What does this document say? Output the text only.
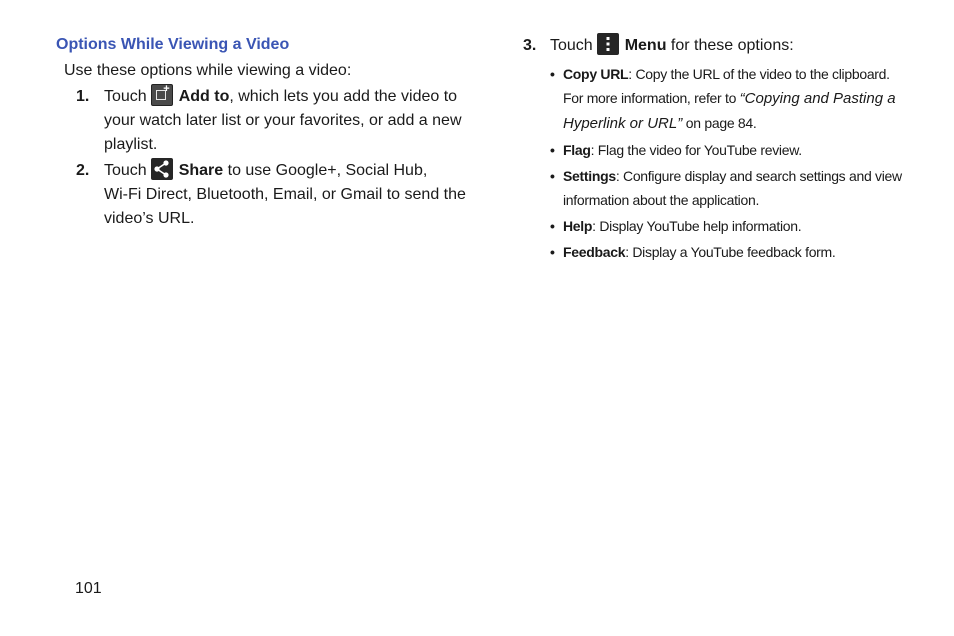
Options While Viewing a Video

Use these options while viewing a video:

1. Touch+ Add to, which lets you add the video to your watch later list or your favorites, or add a new playlist.

2. Touch Share to use Google+, Social Hub,
Wi-Fi Direct, Bluetooth, Email, or Gmail to send the video’s URL.

3. Touch Menu for these options:

• Copy URL: Copy the URL of the video to the clipboard. For more information, refer to “Copying and Pasting a Hyperlink or URL” on page 84.
• Flag: Flag the video for YouTube review.
• Settings: Configure display and search settings and view information about the application.
• Help: Display YouTube help information.
• Feedback: Display a YouTube feedback form.
101
